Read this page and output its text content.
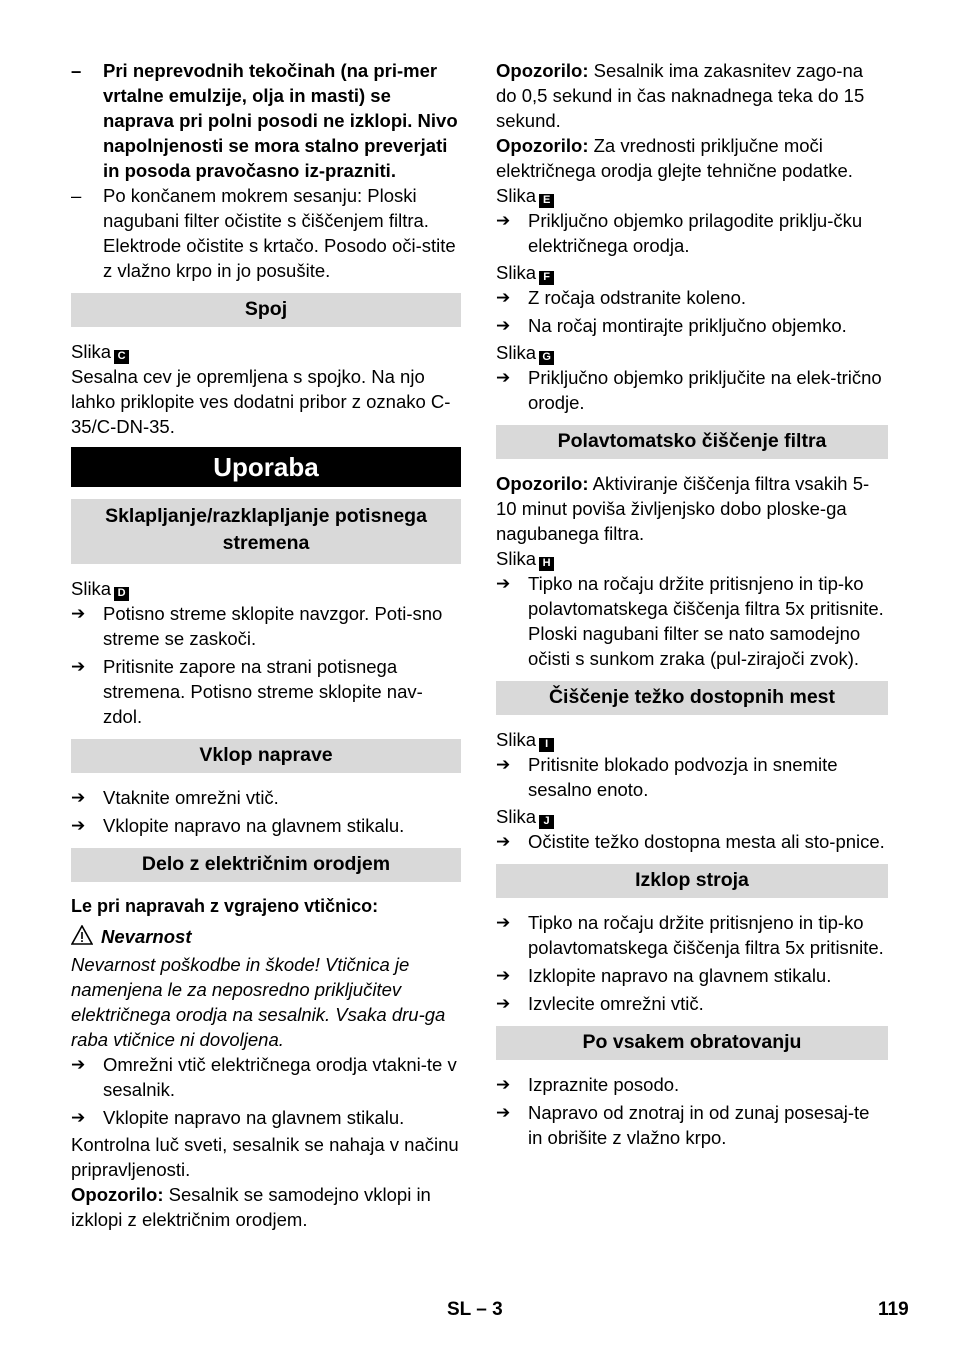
– Pri neprevodnih tekočinah (na pri-mer vrtalne emulzije, olja in masti) se naprava pri polni posodi ne izklopi. Nivo napolnjenosti se mora stalno preverjati in posoda pravočasno iz-prazniti.

– Po končanem mokrem sesanju: Ploski nagubani filter očistite s čiščenjem filtra. Elektrode očistite s krtačo. Posodo oči-stite z vlažno krpo in jo posušite.

Spoj

Slika C

Sesalna cev je opremljena s spojko. Na njo lahko priklopite ves dodatni pribor z oznako C-35/C-DN-35.

Uporaba
Sklapljanje/razklapljanje potisnega stremena

Slika D

➔ Potisno streme sklopite navzgor. Poti-sno streme se zaskoči.

➔ Pritisnite zapore na strani potisnega stremena. Potisno streme sklopite nav-zdol.

Vklop naprave

➔ Vtaknite omrežni vtič.

➔ Vklopite napravo na glavnem stikalu.

Delo z električnim orodjem

Le pri napravah z vgrajeno vtičnico:

Nevarnost

Nevarnost poškodbe in škode! Vtičnica je namenjena le za neposredno priključitev električnega orodja na sesalnik. Vsaka dru-ga raba vtičnice ni dovoljena.

➔ Omrežni vtič električnega orodja vtakni-te v sesalnik.

➔ Vklopite napravo na glavnem stikalu.

Kontrolna luč sveti, sesalnik se nahaja v načinu pripravljenosti.

Opozorilo: Sesalnik se samodejno vklopi in izklopi z električnim orodjem.

Opozorilo: Sesalnik ima zakasnitev zago-na do 0,5 sekund in čas naknadnega teka do 15 sekund.

Opozorilo: Za vrednosti priključne moči električnega orodja glejte tehnične podatke.

Slika E

➔ Priključno objemko prilagodite priklju-čku električnega orodja.

Slika F

➔ Z ročaja odstranite koleno.

➔ Na ročaj montirajte priključno objemko.

Slika G

➔ Priključno objemko priključite na elek-trično orodje.

Polavtomatsko čiščenje filtra

Opozorilo: Aktiviranje čiščenja filtra vsakih 5-10 minut poviša življenjsko dobo ploske-ga nagubanega filtra.

Slika H

➔ Tipko na ročaju držite pritisnjeno in tip-ko polavtomatskega čiščenja filtra 5x pritisnite. Ploski nagubani filter se nato samodejno očisti s sunkom zraka (pul-zirajoči zvok).

Čiščenje težko dostopnih mest

Slika I

➔ Pritisnite blokado podvozja in snemite sesalno enoto.

Slika J

➔ Očistite težko dostopna mesta ali sto-pnice.

Izklop stroja

➔ Tipko na ročaju držite pritisnjeno in tip-ko polavtomatskega čiščenja filtra 5x pritisnite.

➔ Izklopite napravo na glavnem stikalu.

➔ Izvlecite omrežni vtič.

Po vsakem obratovanju

➔ Izpraznite posodo.

➔ Napravo od znotraj in od zunaj posesaj-te in obrišite z vlažno krpo.

SL – 3	119
